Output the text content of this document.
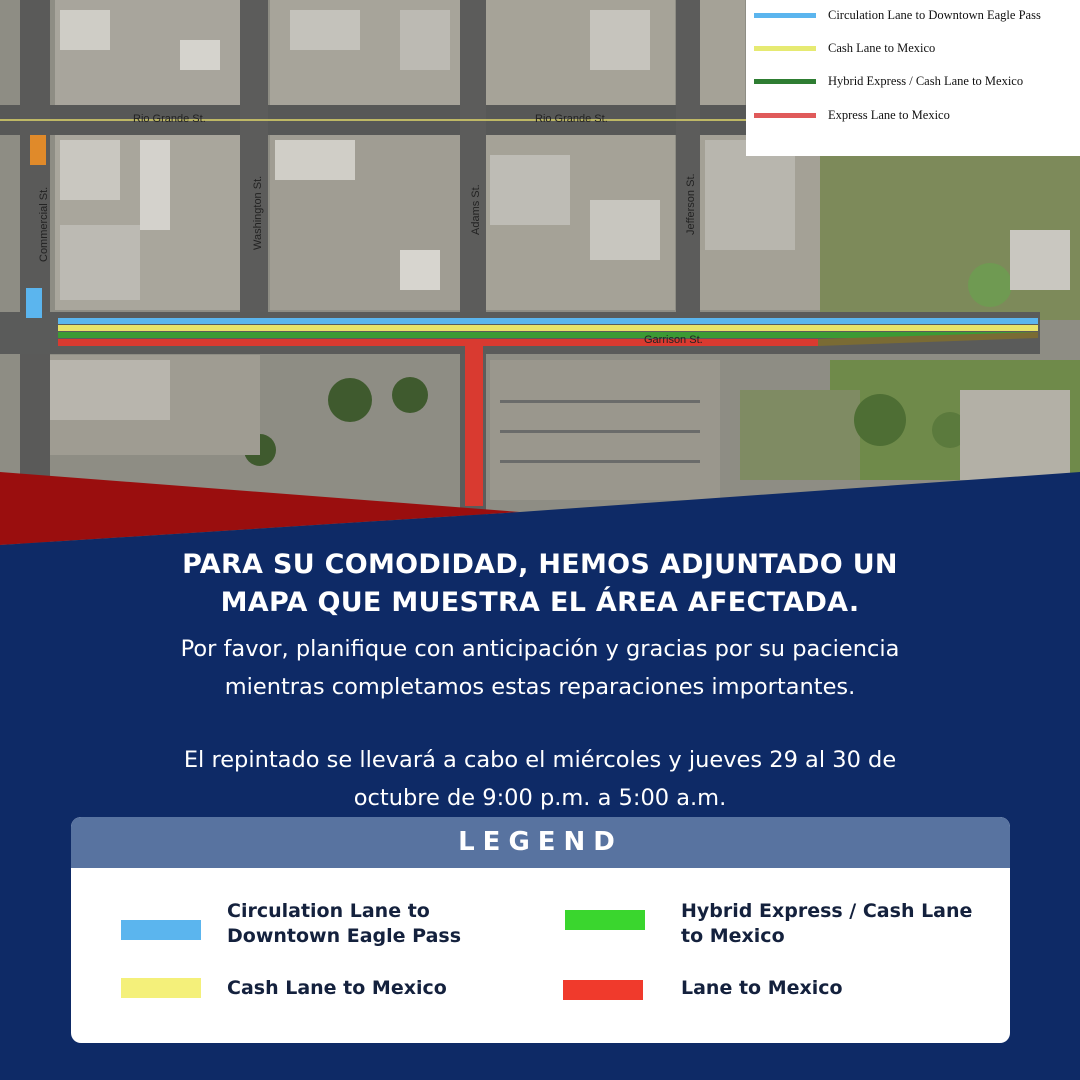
Rio Grande St.	Rio Grande St.
Commercial St.	Washington St.	Adams St.	Jefferson St.
Garrison St.
Circulation Lane to Downtown Eagle Pass
Cash Lane to Mexico
Hybrid Express / Cash Lane to Mexico
Express Lane to Mexico
PARA SU COMODIDAD, HEMOS ADJUNTADO UN
MAPA QUE MUESTRA EL ÁREA AFECTADA.
Por favor, planifique con anticipación y gracias por su paciencia
mientras completamos estas reparaciones importantes.
El repintado se llevará a cabo el miércoles y jueves 29 al 30 de
octubre de 9:00 p.m. a 5:00 a.m.
LEGEND
Circulation Lane to
Downtown Eagle Pass
Hybrid Express / Cash Lane
to Mexico
Cash Lane to Mexico	Lane to Mexico
